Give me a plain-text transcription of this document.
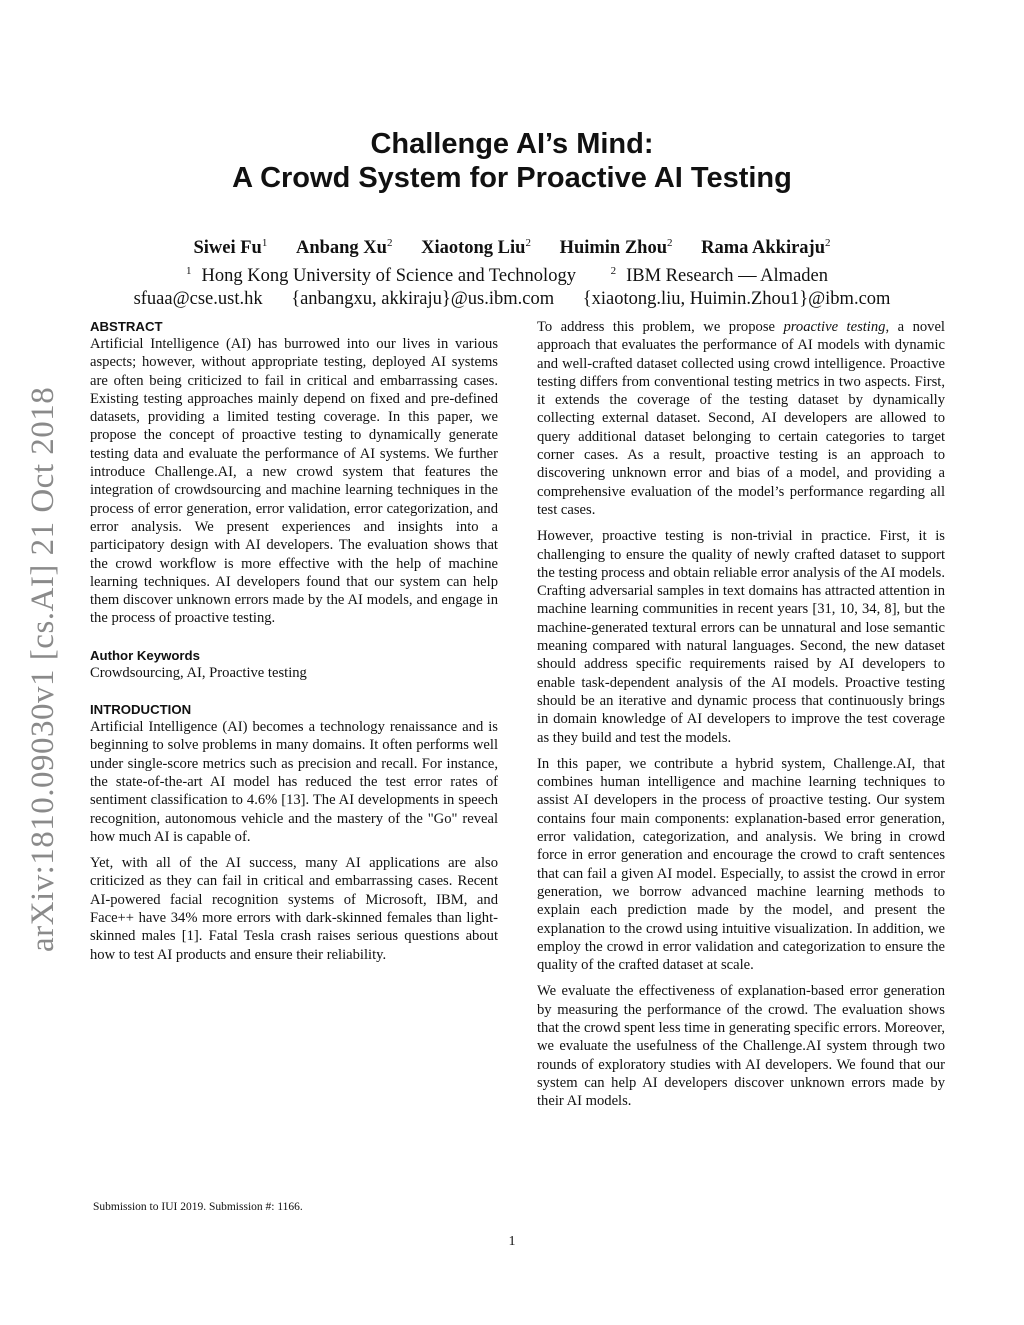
arXiv:1810.09030v1 [cs.AI] 21 Oct 2018
Challenge AI’s Mind:
A Crowd System for Proactive AI Testing
Siwei Fu$^1$ Anbang Xu$^2$ Xiaotong Liu$^2$ Huimin Zhou$^2$ Rama Akkiraju$^2$
$^1$ Hong Kong University of Science and Technology	$^2$ IBM Research — Almaden
sfuaa@cse.ust.hk {anbangxu, akkiraju}@us.ibm.com {xiaotong.liu, Huimin.Zhou1}@ibm.com
ABSTRACT

Artificial Intelligence (AI) has burrowed into our lives in various aspects; however, without appropriate testing, deployed AI systems are often being criticized to fail in critical and embarrassing cases. Existing testing approaches mainly depend on fixed and pre-defined datasets, providing a limited testing coverage. In this paper, we propose the concept of proactive testing to dynamically generate testing data and evaluate the performance of AI systems. We further introduce Challenge.AI, a new crowd system that features the integration of crowdsourcing and machine learning techniques in the process of error generation, error validation, error categorization, and error analysis. We present experiences and insights into a participatory design with AI developers. The evaluation shows that the crowd workflow is more effective with the help of machine learning techniques. AI developers found that our system can help them discover unknown errors made by the AI models, and engage in the process of proactive testing.

Author Keywords

Crowdsourcing, AI, Proactive testing

INTRODUCTION

Artificial Intelligence (AI) becomes a technology renaissance and is beginning to solve problems in many domains. It often performs well under single-score metrics such as precision and recall. For instance, the state-of-the-art AI model has reduced the test error rates of sentiment classification to 4.6% [13]. The AI developments in speech recognition, autonomous vehicle and the mastery of the "Go" reveal how much AI is capable of.

Yet, with all of the AI success, many AI applications are also criticized as they can fail in critical and embarrassing cases. Recent AI-powered facial recognition systems of Microsoft, IBM, and Face++ have 34% more errors with dark-skinned females than light-skinned males [1]. Fatal Tesla crash raises serious questions about how to test AI products and ensure their reliability.

To address this problem, we propose proactive testing, a novel approach that evaluates the performance of AI models with dynamic and well-crafted dataset collected using crowd intelligence. Proactive testing differs from conventional testing metrics in two aspects. First, it extends the coverage of the testing dataset by dynamically collecting external dataset. Second, AI developers are allowed to query additional dataset belonging to certain categories to target corner cases. As a result, proactive testing is an approach to discovering unknown error and bias of a model, and providing a comprehensive evaluation of the model’s performance regarding all test cases.

However, proactive testing is non-trivial in practice. First, it is challenging to ensure the quality of newly crafted dataset to support the testing process and obtain reliable error analysis of the AI models. Crafting adversarial samples in text domains has attracted attention in machine learning communities in recent years [31, 10, 34, 8], but the machine-generated textural errors can be unnatural and lose semantic meaning compared with natural languages. Second, the new dataset should address specific requirements raised by AI developers to enable task-dependent analysis of the AI models. Proactive testing should be an iterative and dynamic process that continuously brings in domain knowledge of AI developers to improve the test coverage as they build and test the models.

In this paper, we contribute a hybrid system, Challenge.AI, that combines human intelligence and machine learning techniques to assist AI developers in the process of proactive testing. Our system contains four main components: explanation-based error generation, error validation, categorization, and analysis. We bring in crowd force in error generation and encourage the crowd to craft sentences that can fail a given AI model. Especially, to assist the crowd in error generation, we borrow advanced machine learning methods to explain each prediction made by the model, and present the explanation to the crowd using intuitive visualization. In addition, we employ the crowd in error validation and categorization to ensure the quality of the crafted dataset at scale.

We evaluate the effectiveness of explanation-based error generation by measuring the performance of the crowd. The evaluation shows that the crowd spent less time in generating specific errors. Moreover, we evaluate the usefulness of the Challenge.AI system through two rounds of exploratory studies with AI developers. We found that our system can help AI developers discover unknown errors made by their AI models.

Submission to IUI 2019. Submission #: 1166.
1
